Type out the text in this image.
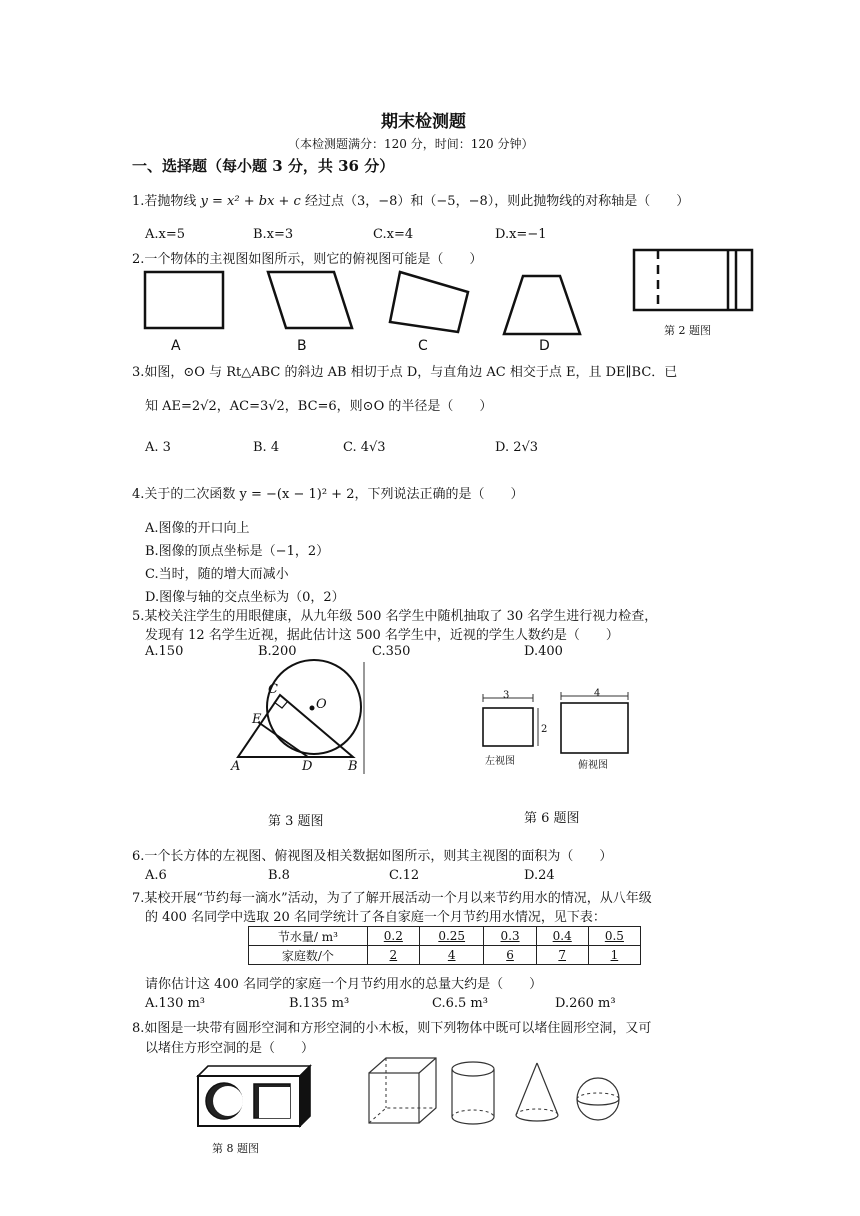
期末检测题
（本检测题满分：120 分，时间：120 分钟）
一、选择题（每小题 3 分，共 36 分）
1.若抛物线 y = x² + bx + c 经过点（3，−8）和（−5，−8），则此抛物线的对称轴是（　　）
A.x=5	B.x=3	C.x=4	D.x=−1
2.一个物体的主视图如图所示，则它的俯视图可能是（　　）
A	B	C	D
第 2 题图
3.如图，⊙O 与 Rt△ABC 的斜边 AB 相切于点 D，与直角边 AC 相交于点 E，且 DE∥BC．已
知 AE=2√2，AC=3√2，BC=6，则⊙O 的半径是（　　）
A. 3	B. 4	C. 4√3	D. 2√3
4.关于的二次函数 y = −(x − 1)² + 2，下列说法正确的是（　　）
A.图像的开口向上
B.图像的顶点坐标是（−1，2）
C.当时，随的增大而减小
D.图像与轴的交点坐标为（0，2）
5.某校关注学生的用眼健康，从九年级 500 名学生中随机抽取了 30 名学生进行视力检查，
发现有 12 名学生近视，据此估计这 500 名学生中，近视的学生人数约是（　　）
A.150	B.200	C.350	D.400
C
O
E
A	D	B
第 3 题图
3
2
4
左视图	俯视图
第 6 题图
6.一个长方体的左视图、俯视图及相关数据如图所示，则其主视图的面积为（　　）
A.6	B.8	C.12	D.24
7.某校开展“节约每一滴水”活动，为了了解开展活动一个月以来节约用水的情况，从八年级
的 400 名同学中选取 20 名同学统计了各自家庭一个月节约用水情况，见下表：
节水量/ m³	0.2	0.25	0.3	0.4	0.5
家庭数/个	2	4	6	7	1
请你估计这 400 名同学的家庭一个月节约用水的总量大约是（　　）
A.130 m³	B.135 m³	C.6.5 m³	D.260 m³
8.如图是一块带有圆形空洞和方形空洞的小木板，则下列物体中既可以堵住圆形空洞，又可
以堵住方形空洞的是（　　）
第 8 题图
